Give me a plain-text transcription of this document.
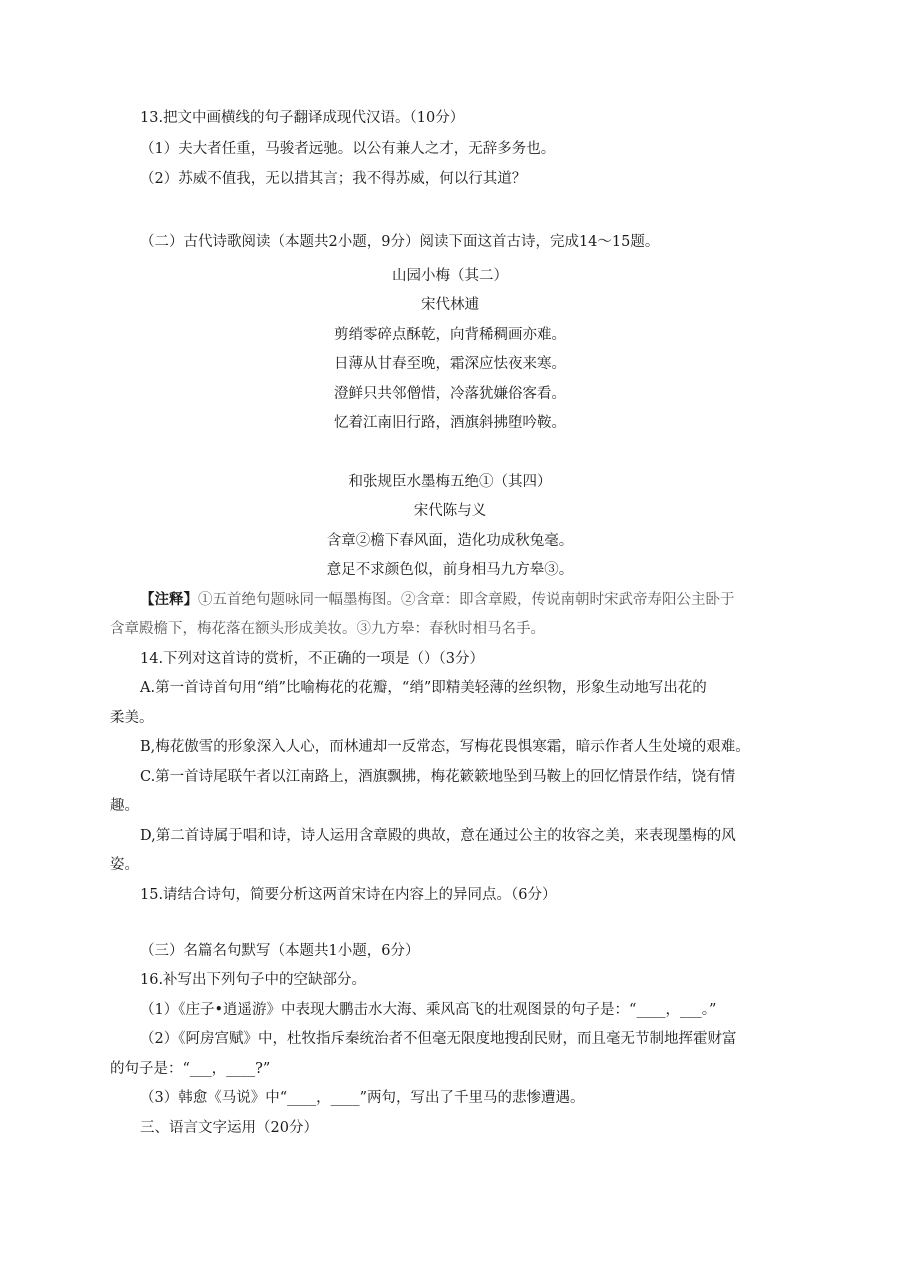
13.把文中画横线的句子翻译成现代汉语。（10分）
（1）夫大者任重，马骏者远驰。以公有兼人之才，无辞多务也。
（2）苏威不值我，无以措其言；我不得苏威，何以行其道？
（二）古代诗歌阅读（本题共2小题，9分）阅读下面这首古诗，完成14～15题。
山园小梅（其二）
宋代林逋
剪绡零碎点酥乾，向背稀稠画亦难。
日薄从甘春至晚，霜深应怯夜来寒。
澄鲜只共邻僧惜，冷落犹嫌俗客看。
忆着江南旧行路，酒旗斜拂堕吟鞍。
和张规臣水墨梅五绝①（其四）
宋代陈与义
含章②檐下春风面，造化功成秋兔毫。
意足不求颜色似，前身相马九方皋③。
【注释】①五首绝句题咏同一幅墨梅图。②含章：即含章殿，传说南朝时宋武帝寿阳公主卧于
含章殿檐下，梅花落在额头形成美妆。③九方皋：春秋时相马名手。
14.下列对这首诗的赏析，不正确的一项是（）（3分）
A.第一首诗首句用“绡”比喻梅花的花瓣，“绡”即精美轻薄的丝织物，形象生动地写出花的
柔美。
B,梅花傲雪的形象深入人心，而林逋却一反常态，写梅花畏惧寒霜，暗示作者人生处境的艰难。
C.第一首诗尾联午者以江南路上，酒旗飘拂，梅花簌簌地坠到马鞍上的回忆情景作结，饶有情
趣。
D,第二首诗属于唱和诗，诗人运用含章殿的典故，意在通过公主的妆容之美，来表现墨梅的风
姿。
15.请结合诗句，简要分析这两首宋诗在内容上的异同点。（6分）
（三）名篇名句默写（本题共1小题，6分）
16.补写出下列句子中的空缺部分。
（1）《庄子•逍遥游》中表现大鹏击水大海、乘风高飞的壮观图景的句子是：“____，___。”
（2）《阿房宫赋》中，杜牧指斥秦统治者不但毫无限度地搜刮民财，而且毫无节制地挥霍财富
的句子是：“___，____?”
（3）韩愈《马说》中“____，____”两句，写出了千里马的悲惨遭遇。
三、语言文字运用（20分）
